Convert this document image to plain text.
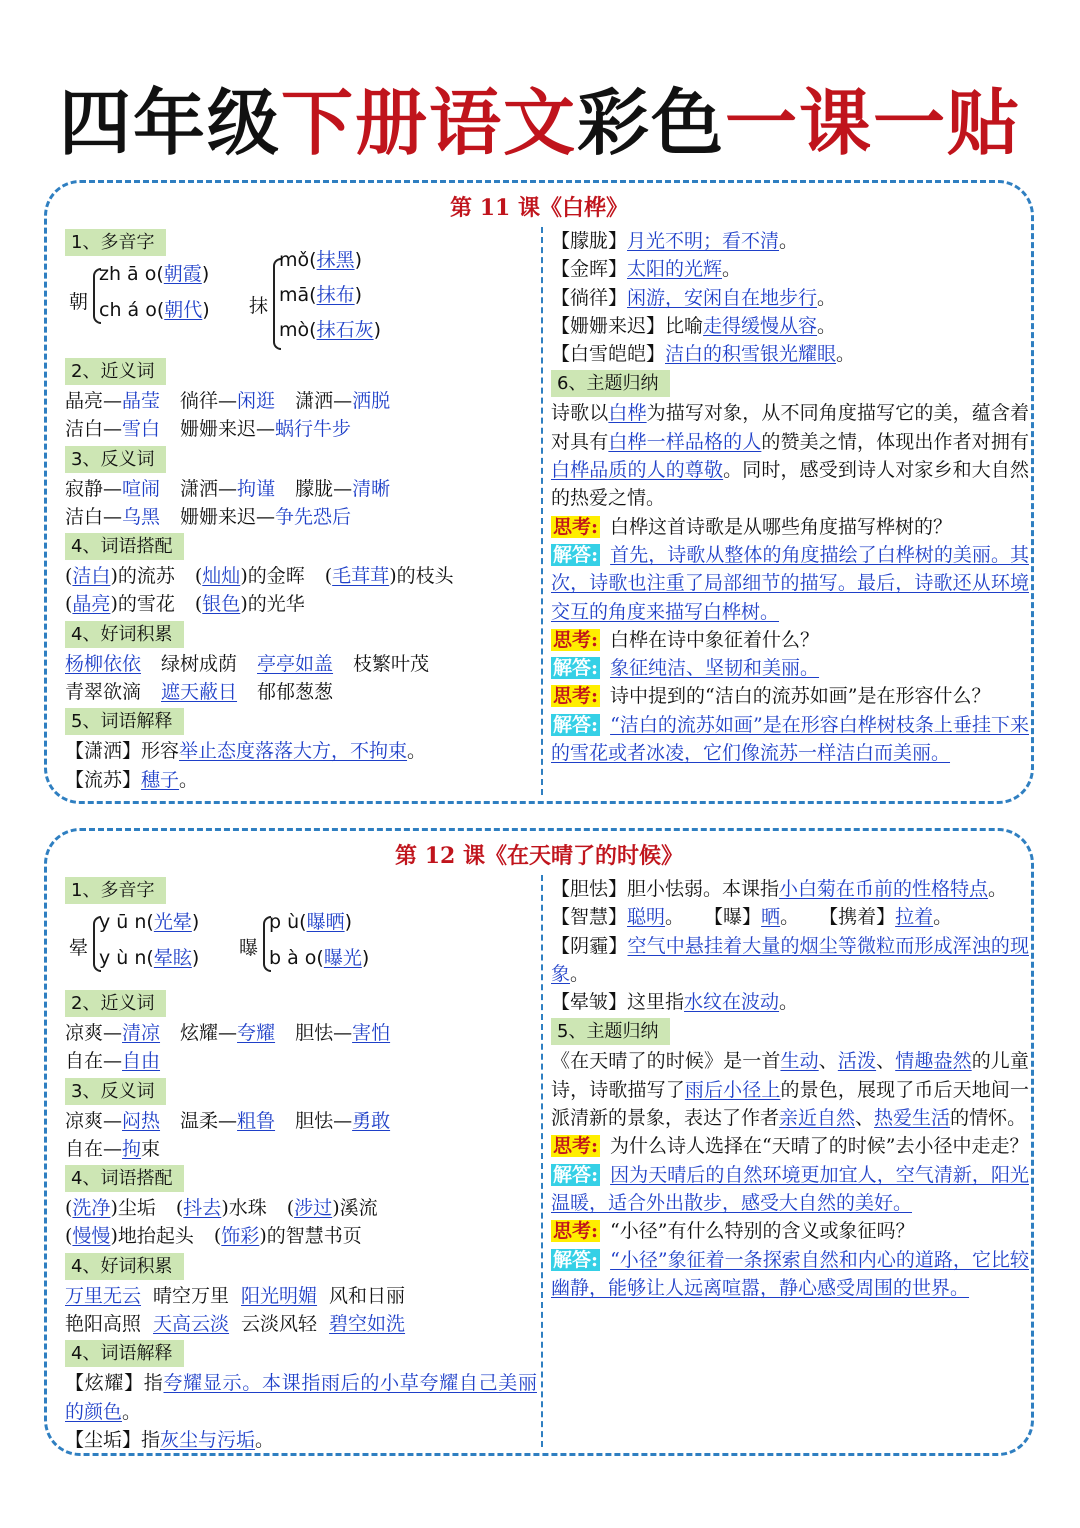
四年级下册语文彩色一课一贴
第 11 课《白桦》
1、多音字
朝
zh ā o(朝霞)
ch á o(朝代) 抹
mǒ(抹黑)
mā(抹布)
mò(抹石灰)
2、近义词
晶亮—晶莹 徜徉—闲逛 潇洒—洒脱
洁白—雪白 姗姗来迟—蜗行牛步
3、反义词
寂静—喧闹 潇洒—拘谨 朦胧—清晰
洁白—乌黑 姗姗来迟—争先恐后
4、词语搭配
(洁白)的流苏 (灿灿)的金晖 (毛茸茸)的枝头
(晶亮)的雪花 (银色)的光华
4、好词积累
杨柳依依 绿树成荫 亭亭如盖 枝繁叶茂
青翠欲滴 遮天蔽日 郁郁葱葱
5、词语解释
【潇洒】形容举止态度落落大方，不拘束。
【流苏】穗子。
【朦胧】月光不明；看不清。
【金晖】太阳的光辉。
【徜徉】闲游，安闲自在地步行。
【姗姗来迟】比喻走得缓慢从容。
【白雪皑皑】洁白的积雪银光耀眼。
6、主题归纳
诗歌以白桦为描写对象，从不同角度描写它的美，蕴含着对具有白桦一样品格的人的赞美之情，体现出作者对拥有白桦品质的人的尊敬。同时，感受到诗人对家乡和大自然的热爱之情。
思考: 白桦这首诗歌是从哪些角度描写桦树的？
解答: 首先，诗歌从整体的角度描绘了白桦树的美丽。其次，诗歌也注重了局部细节的描写。最后，诗歌还从环境交互的角度来描写白桦树。
思考: 白桦在诗中象征着什么？
解答: 象征纯洁、坚韧和美丽。
思考: 诗中提到的“洁白的流苏如画”是在形容什么？
解答: “洁白的流苏如画”是在形容白桦树枝条上垂挂下来的雪花或者冰凌，它们像流苏一样洁白而美丽。
第 12 课《在天晴了的时候》
1、多音字
晕
y ū n(光晕)
y ù n(晕眩) 曝
p ù(曝晒)
b à o(曝光)
2、近义词
凉爽—清凉 炫耀—夸耀 胆怯—害怕
自在—自由
3、反义词
凉爽—闷热 温柔—粗鲁 胆怯—勇敢
自在—拘束
4、词语搭配
(洗净)尘垢 (抖去)水珠 (涉过)溪流
(慢慢)地抬起头 (饰彩)的智慧书页
4、好词积累
万里无云 晴空万里 阳光明媚 风和日丽
艳阳高照 天高云淡 云淡风轻 碧空如洗
4、词语解释
【炫耀】指夸耀显示。本课指雨后的小草夸耀自己美丽的颜色。
【尘垢】指灰尘与污垢。
【胆怯】胆小怯弱。本课指小白菊在币前的性格特点。
【智慧】聪明。 【曝】晒。 【携着】拉着。
【阴霾】空气中悬挂着大量的烟尘等微粒而形成浑浊的现象。
【晕皱】这里指水纹在波动。
5、主题归纳
《在天晴了的时候》是一首生动、活泼、情趣盎然的儿童诗，诗歌描写了雨后小径上的景色，展现了币后天地间一派清新的景象，表达了作者亲近自然、热爱生活的情怀。
思考: 为什么诗人选择在“天晴了的时候”去小径中走走？
解答: 因为天晴后的自然环境更加宜人，空气清新，阳光温暖，适合外出散步，感受大自然的美好。
思考: “小径”有什么特别的含义或象征吗？
解答: “小径”象征着一条探索自然和内心的道路，它比较幽静，能够让人远离喧嚣，静心感受周围的世界。
